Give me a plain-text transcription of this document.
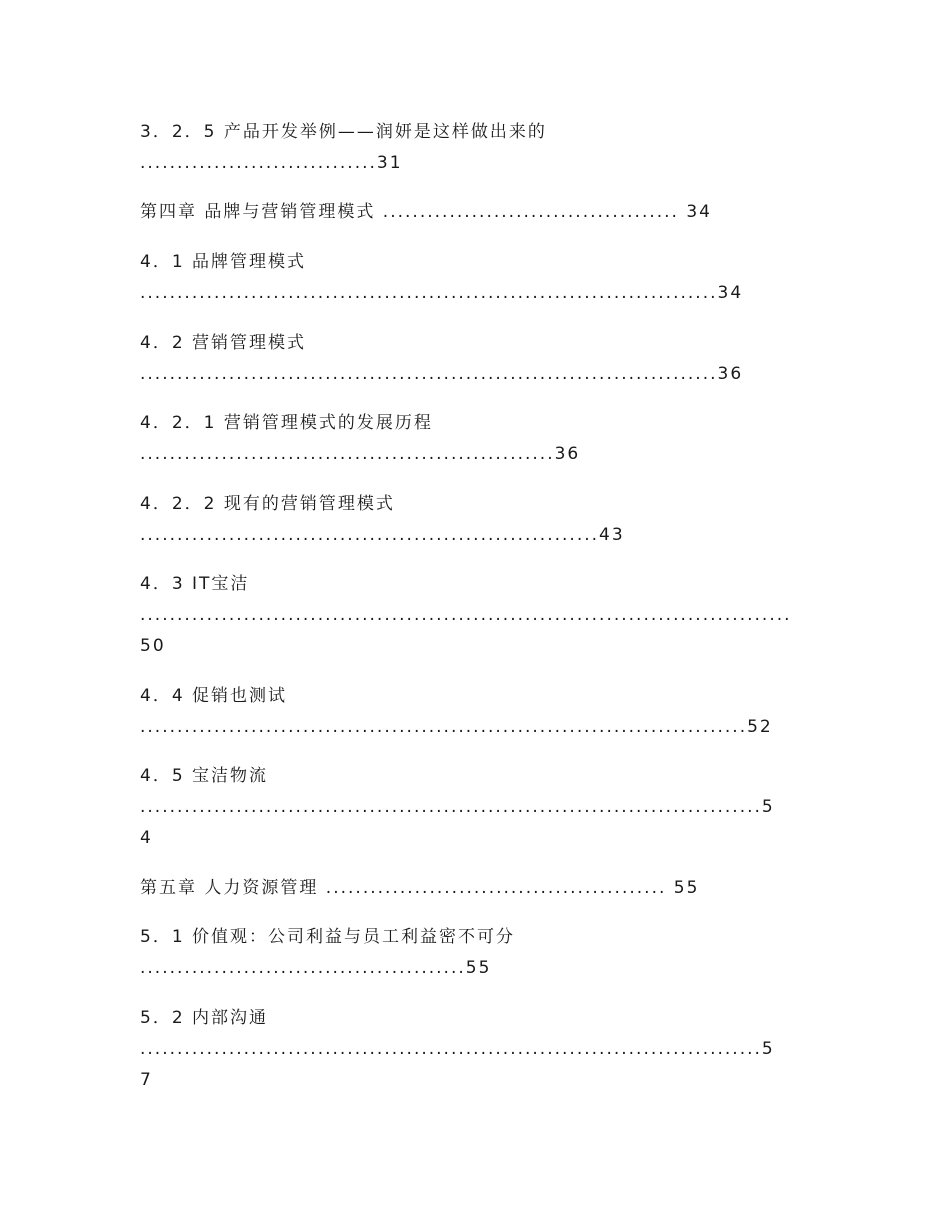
3．2．5 产品开发举例——润妍是这样做出来的

................................31

第四章 品牌与营销管理模式 ........................................ 34

4．1 品牌管理模式

..............................................................................34

4．2 营销管理模式

..............................................................................36

4．2．1 营销管理模式的发展历程

........................................................36

4．2．2 现有的营销管理模式

..............................................................43

4．3 IT宝洁

........................................................................................

50

4．4 促销也测试

..................................................................................52

4．5 宝洁物流

....................................................................................5

4

第五章 人力资源管理 .............................................. 55

5．1 价值观：公司利益与员工利益密不可分

............................................55

5．2 内部沟通

....................................................................................5

7
